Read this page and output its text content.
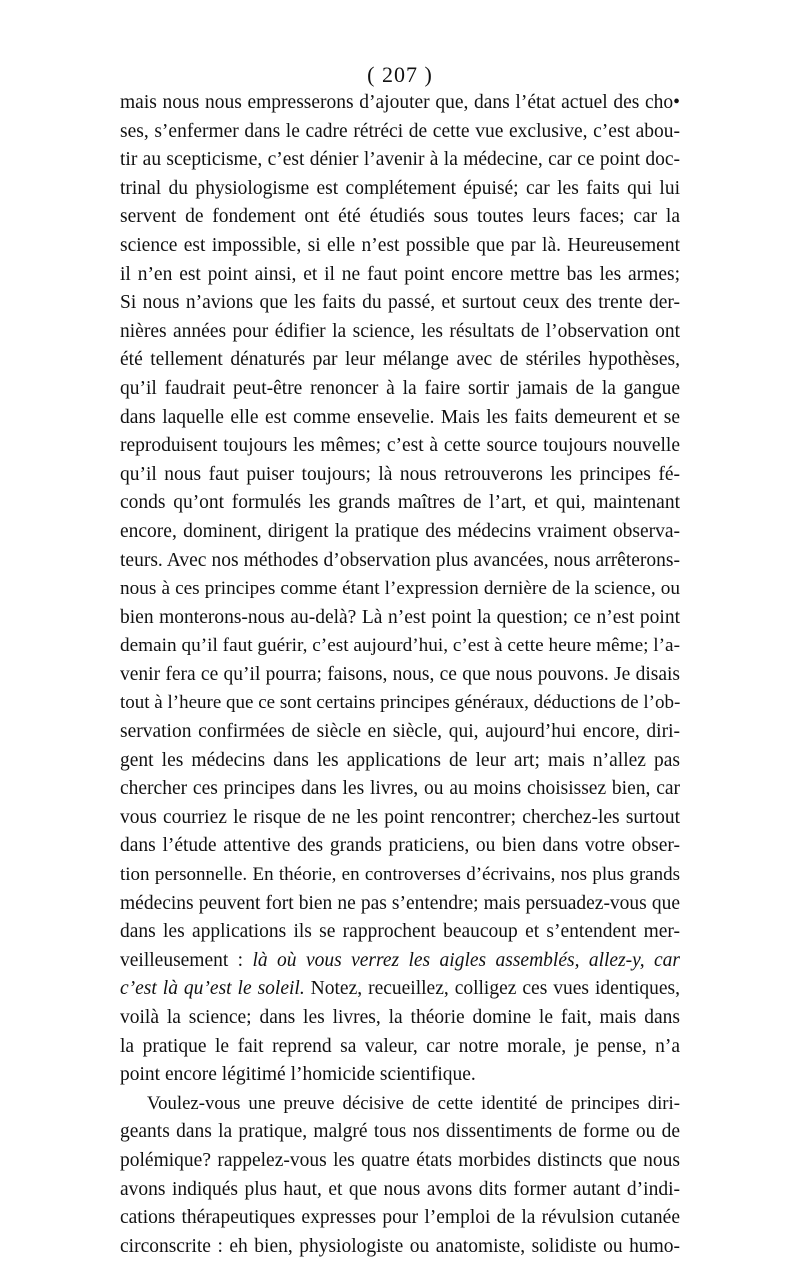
( 207 )
mais nous nous empresserons d’ajouter que, dans l’état actuel des cho•
ses, s’enfermer dans le cadre rétréci de cette vue exclusive, c’est abou-
tir au scepticisme, c’est dénier l’avenir à la médecine, car ce point doc-
trinal du physiologisme est complétement épuisé; car les faits qui lui
servent de fondement ont été étudiés sous toutes leurs faces; car la
science est impossible, si elle n’est possible que par là. Heureusement
il n’en est point ainsi, et il ne faut point encore mettre bas les armes;
Si nous n’avions que les faits du passé, et surtout ceux des trente der-
nières années pour édifier la science, les résultats de l’observation ont
été tellement dénaturés par leur mélange avec de stériles hypothèses,
qu’il faudrait peut-être renoncer à la faire sortir jamais de la gangue
dans laquelle elle est comme ensevelie. Mais les faits demeurent et se
reproduisent toujours les mêmes; c’est à cette source toujours nouvelle
qu’il nous faut puiser toujours; là nous retrouverons les principes fé-
conds qu’ont formulés les grands maîtres de l’art, et qui, maintenant
encore, dominent, dirigent la pratique des médecins vraiment observa-
teurs. Avec nos méthodes d’observation plus avancées, nous arrêterons-
nous à ces principes comme étant l’expression dernière de la science, ou
bien monterons-nous au-delà? Là n’est point la question; ce n’est point
demain qu’il faut guérir, c’est aujourd’hui, c’est à cette heure même; l’a-
venir fera ce qu’il pourra; faisons, nous, ce que nous pouvons. Je disais
tout à l’heure que ce sont certains principes généraux, déductions de l’ob-
servation confirmées de siècle en siècle, qui, aujourd’hui encore, diri-
gent les médecins dans les applications de leur art; mais n’allez pas
chercher ces principes dans les livres, ou au moins choisissez bien, car
vous courriez le risque de ne les point rencontrer; cherchez-les surtout
dans l’étude attentive des grands praticiens, ou bien dans votre obser-
tion personnelle. En théorie, en controverses d’écrivains, nos plus grands
médecins peuvent fort bien ne pas s’entendre; mais persuadez-vous que
dans les applications ils se rapprochent beaucoup et s’entendent mer-
veilleusement : là où vous verrez les aigles assemblés, allez-y, car
c’est là qu’est le soleil. Notez, recueillez, colligez ces vues identiques,
voilà la science; dans les livres, la théorie domine le fait, mais dans
la pratique le fait reprend sa valeur, car notre morale, je pense, n’a
point encore légitimé l’homicide scientifique.
Voulez-vous une preuve décisive de cette identité de principes diri-
geants dans la pratique, malgré tous nos dissentiments de forme ou de
polémique? rappelez-vous les quatre états morbides distincts que nous
avons indiqués plus haut, et que nous avons dits former autant d’indi-
cations thérapeutiques expresses pour l’emploi de la révulsion cutanée
circonscrite : eh bien, physiologiste ou anatomiste, solidiste ou humo-
